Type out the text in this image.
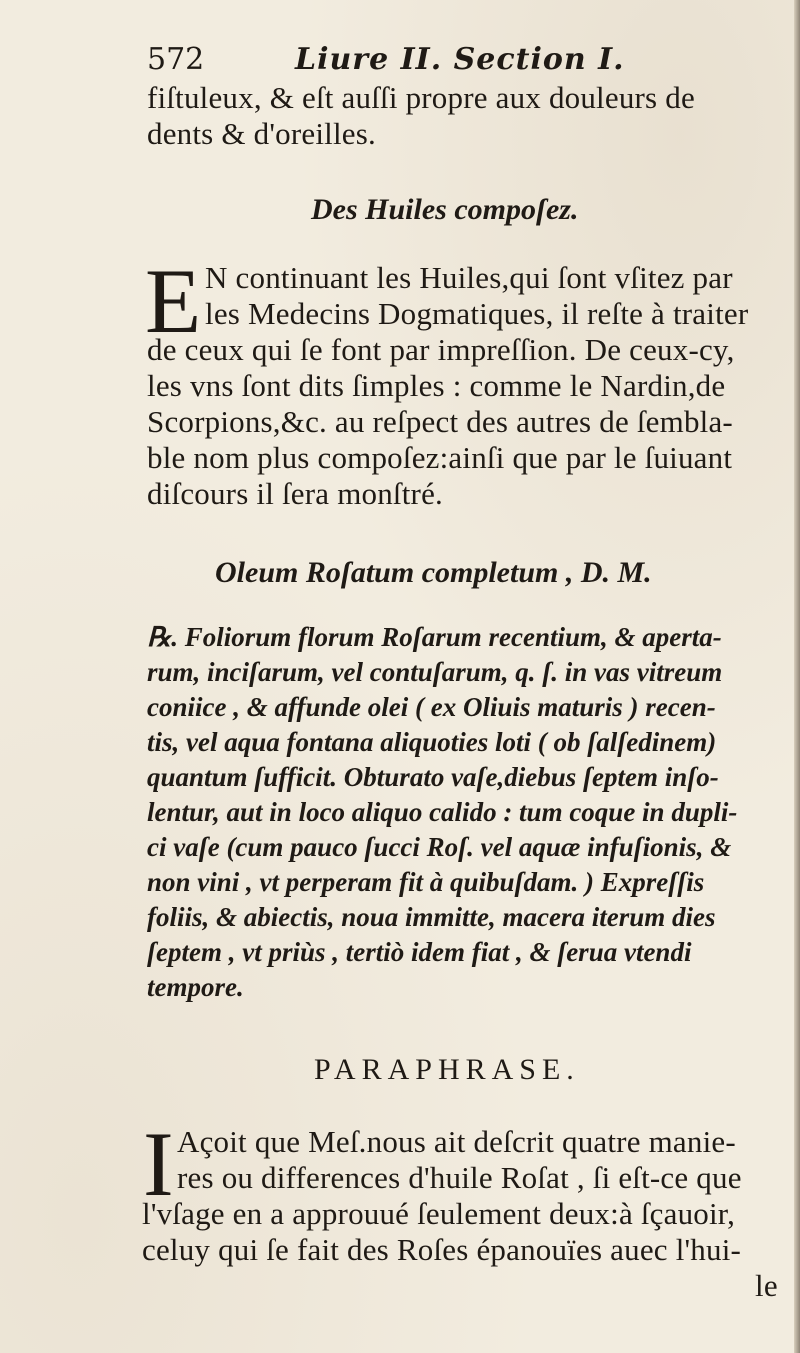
572	Liure II. Section I.
fiſtuleux, & eſt auſſi propre aux douleurs de
dents & d'oreilles.
Des Huiles compoſez.
E N continuant les Huiles,qui ſont vſitez par
les Medecins Dogmatiques, il reſte à traiter
de ceux qui ſe font par impreſſion. De ceux-cy,
les vns ſont dits ſimples : comme le Nardin,de
Scorpions,&c. au reſpect des autres de ſembla-
ble nom plus compoſez:ainſi que par le ſuiuant
diſcours il ſera monſtré.
Oleum Roſatum completum , D. M.
℞. Foliorum florum Roſarum recentium, & aperta-
rum, inciſarum, vel contuſarum, q. ſ. in vas vitreum
coniice , & affunde olei ( ex Oliuis maturis ) recen-
tis, vel aqua fontana aliquoties loti ( ob ſalſedinem)
quantum ſufficit. Obturato vaſe,diebus ſeptem inſo-
lentur, aut in loco aliquo calido : tum coque in dupli-
ci vaſe (cum pauco ſucci Roſ. vel aquæ infuſionis, &
non vini , vt perperam fit à quibuſdam. ) Expreſſis
foliis, & abiectis, noua immitte, macera iterum dies
ſeptem , vt priùs , tertiò idem fiat , & ſerua vtendi
tempore.
PARAPHRASE.
I Açoit que Meſ.nous ait deſcrit quatre manie-
res ou differences d'huile Roſat , ſi eſt-ce que
l'vſage en a approuué ſeulement deux:à ſçauoir,
celuy qui ſe fait des Roſes épanouïes auec l'hui-
le
